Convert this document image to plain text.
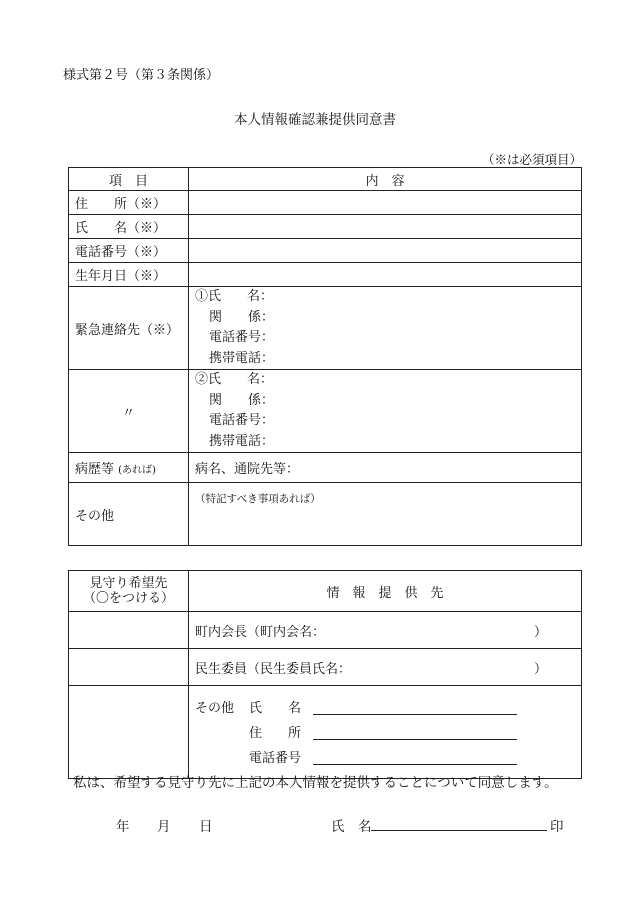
様式第２号（第３条関係）
本人情報確認兼提供同意書
（※は必須項目）
項　目	内　容
住　　所（※）	
氏　　名（※）	
電話番号（※）	
生年月日（※）	
緊急連絡先（※）	①氏　　名：
関　　係：
電話番号：
携帯電話：

〃	②氏　　名：
関　　係：
電話番号：
携帯電話：

病歴等 (あれば)	病名、通院先等：
その他	（特記すべき事項あれば）
見守り希望先
（〇をつける）	情　報　提　供　先

	町内会長（町内会名： ）

	民生委員（民生委員氏名： ）

	その他 氏　　名
住　　所
電話番号
私は、希望する見守り先に上記の本人情報を提供することについて同意します。
年 月 日	氏　名	印
